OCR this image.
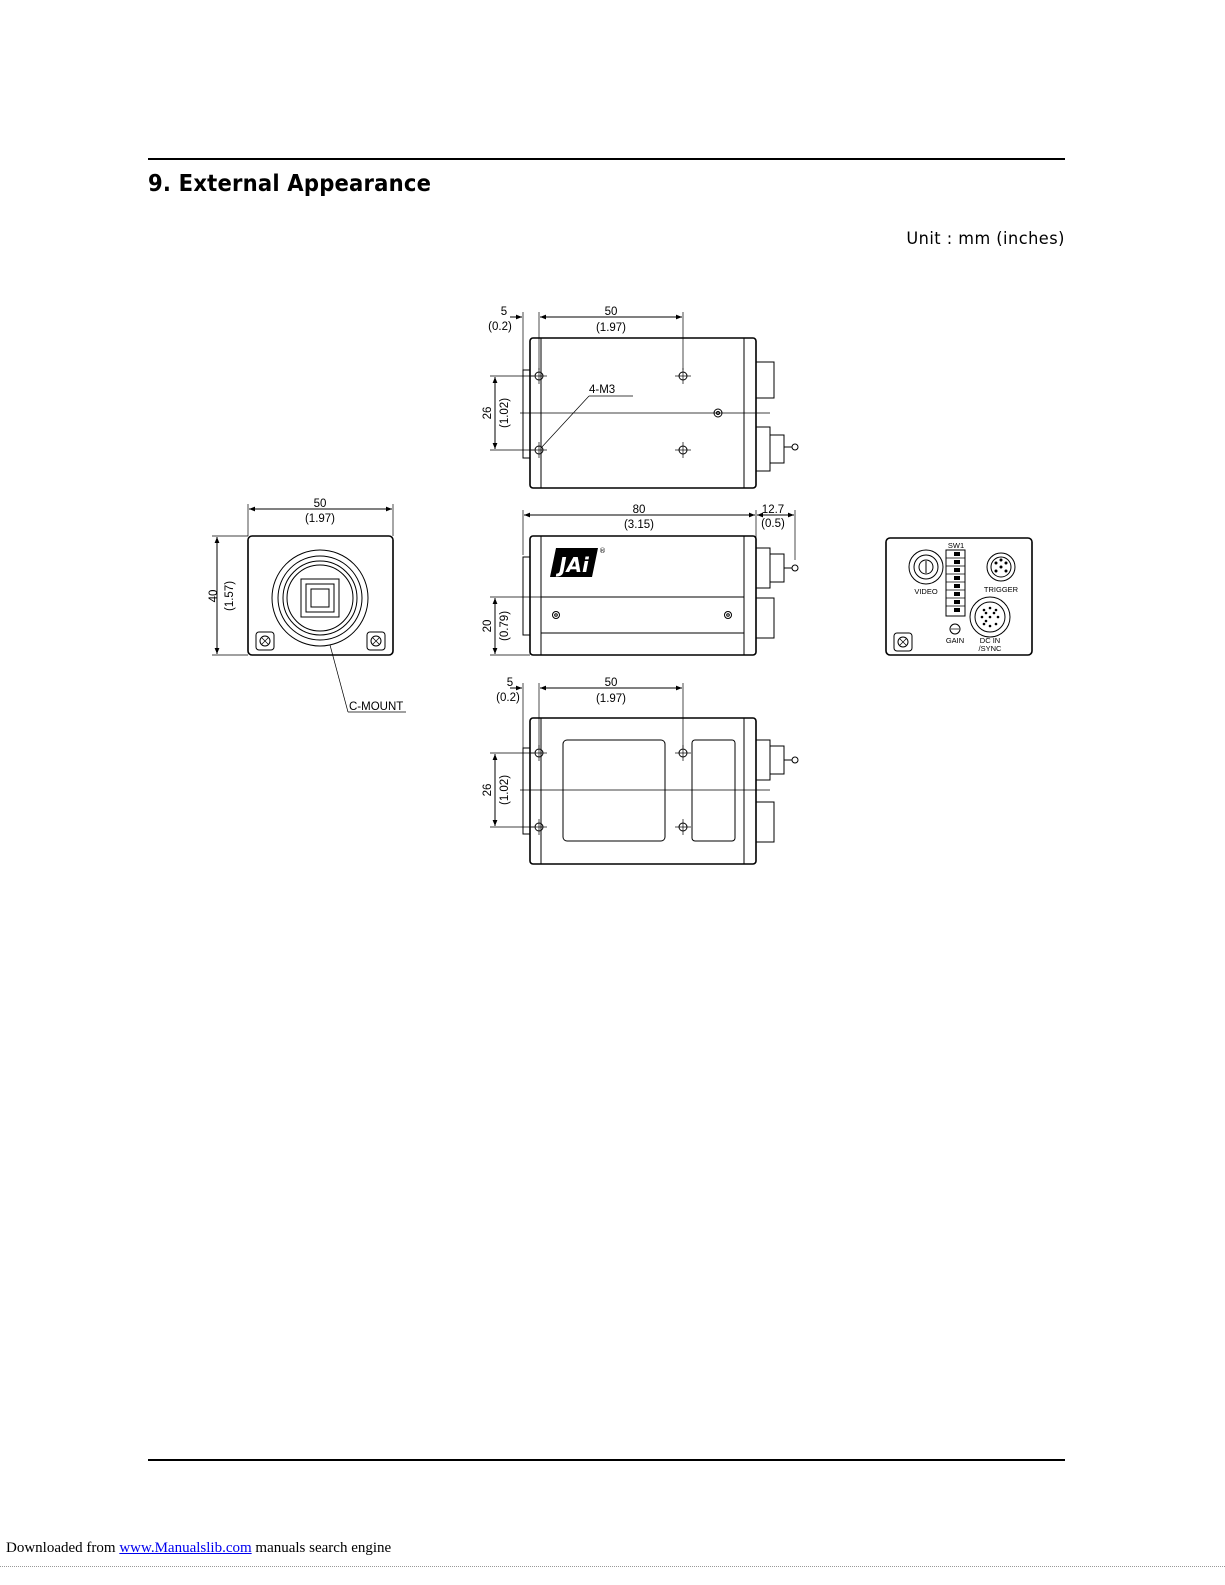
9. External Appearance
Unit : mm (inches)
50
(1.97)
5
(0.2)
26 (1.02)
4-M3
JAi
®
80
(3.15)
12.7
(0.5)
20 (0.79)
50
(1.97)
5
(0.2)
26 (1.02)
50
(1.97)
40 (1.57)
C-MOUNT
VIDEO
SW1
TRIGGER
DC IN
/SYNC
GAIN
Downloaded from www.Manualslib.com manuals search engine
